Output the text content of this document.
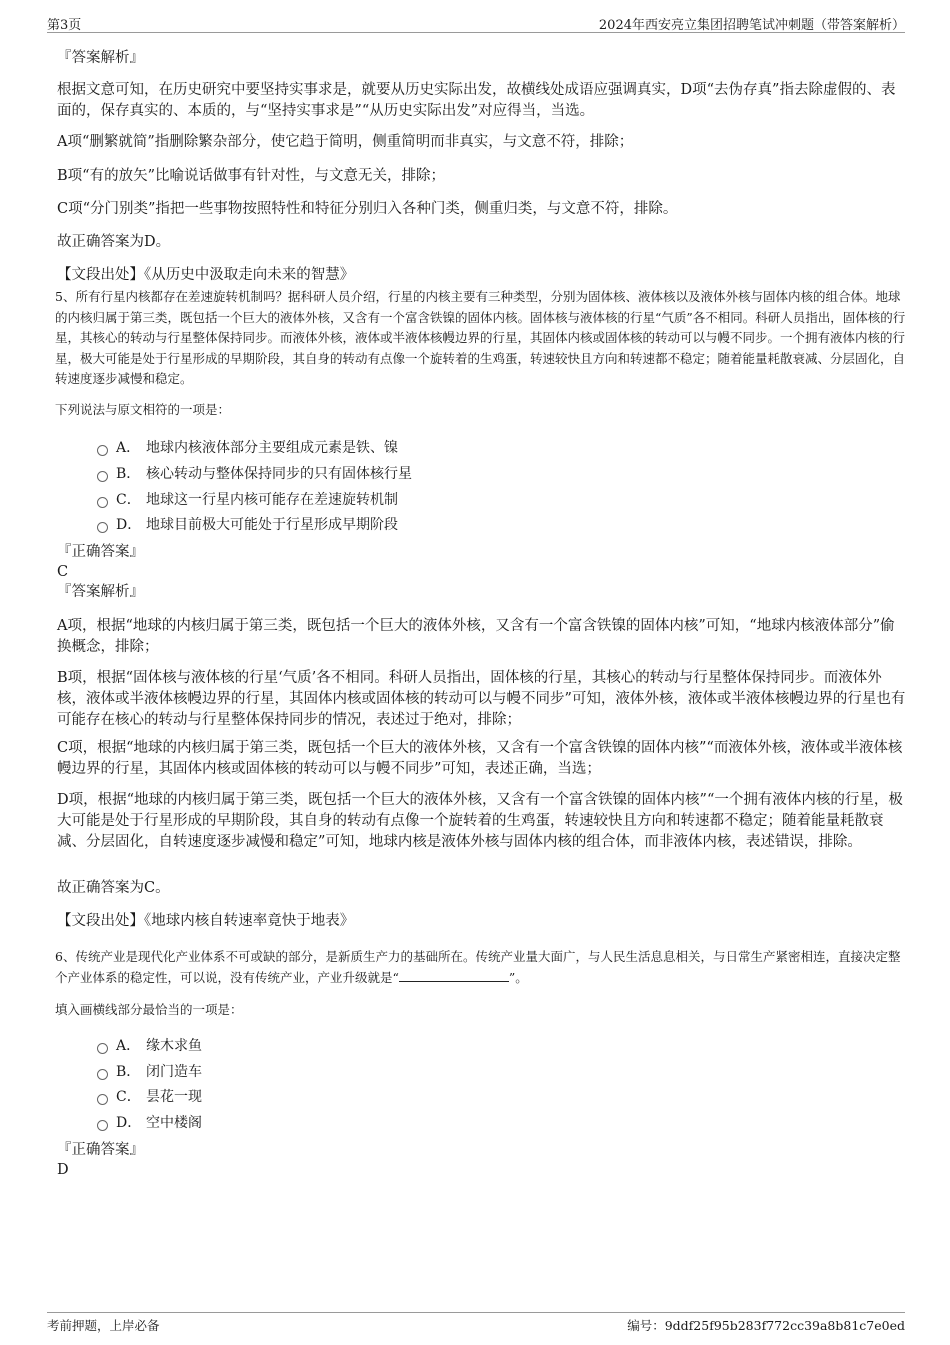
第3页	2024年西安亮立集团招聘笔试冲刺题（带答案解析）
『答案解析』
根据文意可知，在历史研究中要坚持实事求是，就要从历史实际出发，故横线处成语应强调真实，D项“去伪存真”指去除虚假的、表面的，保存真实的、本质的，与“坚持实事求是”“从历史实际出发”对应得当，当选。
A项“删繁就简”指删除繁杂部分，使它趋于简明，侧重简明而非真实，与文意不符，排除；
B项“有的放矢”比喻说话做事有针对性，与文意无关，排除；
C项“分门别类”指把一些事物按照特性和特征分别归入各种门类，侧重归类，与文意不符，排除。
故正确答案为D。
【文段出处】《从历史中汲取走向未来的智慧》
5、所有行星内核都存在差速旋转机制吗？据科研人员介绍，行星的内核主要有三种类型，分别为固体核、液体核以及液体外核与固体内核的组合体。地球的内核归属于第三类，既包括一个巨大的液体外核，又含有一个富含铁镍的固体内核。固体核与液体核的行星“气质”各不相同。科研人员指出，固体核的行星，其核心的转动与行星整体保持同步。而液体外核，液体或半液体核幔边界的行星，其固体内核或固体核的转动可以与幔不同步。一个拥有液体内核的行星，极大可能是处于行星形成的早期阶段，其自身的转动有点像一个旋转着的生鸡蛋，转速较快且方向和转速都不稳定；随着能量耗散衰减、分层固化，自转速度逐步减慢和稳定。
下列说法与原文相符的一项是：
A． 地球内核液体部分主要组成元素是铁、镍
B． 核心转动与整体保持同步的只有固体核行星
C． 地球这一行星内核可能存在差速旋转机制
D． 地球目前极大可能处于行星形成早期阶段
『正确答案』
C
『答案解析』
A项，根据“地球的内核归属于第三类，既包括一个巨大的液体外核，又含有一个富含铁镍的固体内核”可知，“地球内核液体部分”偷换概念，排除；
B项，根据“固体核与液体核的行星‘气质’各不相同。科研人员指出，固体核的行星，其核心的转动与行星整体保持同步。而液体外核，液体或半液体核幔边界的行星，其固体内核或固体核的转动可以与幔不同步”可知，液体外核，液体或半液体核幔边界的行星也有可能存在核心的转动与行星整体保持同步的情况，表述过于绝对，排除；
C项，根据“地球的内核归属于第三类，既包括一个巨大的液体外核，又含有一个富含铁镍的固体内核”“而液体外核，液体或半液体核幔边界的行星，其固体内核或固体核的转动可以与幔不同步”可知，表述正确，当选；
D项，根据“地球的内核归属于第三类，既包括一个巨大的液体外核，又含有一个富含铁镍的固体内核”“一个拥有液体内核的行星，极大可能是处于行星形成的早期阶段，其自身的转动有点像一个旋转着的生鸡蛋，转速较快且方向和转速都不稳定；随着能量耗散衰减、分层固化，自转速度逐步减慢和稳定”可知，地球内核是液体外核与固体内核的组合体，而非液体内核，表述错误，排除。
故正确答案为C。
【文段出处】《地球内核自转速率竟快于地表》
6、传统产业是现代化产业体系不可或缺的部分，是新质生产力的基础所在。传统产业量大面广，与人民生活息息相关，与日常生产紧密相连，直接决定整个产业体系的稳定性，可以说，没有传统产业，产业升级就是“	”。
填入画横线部分最恰当的一项是：
A． 缘木求鱼
B． 闭门造车
C． 昙花一现
D． 空中楼阁
『正确答案』
D
考前押题，上岸必备	编号：9ddf25f95b283f772cc39a8b81c7e0ed
